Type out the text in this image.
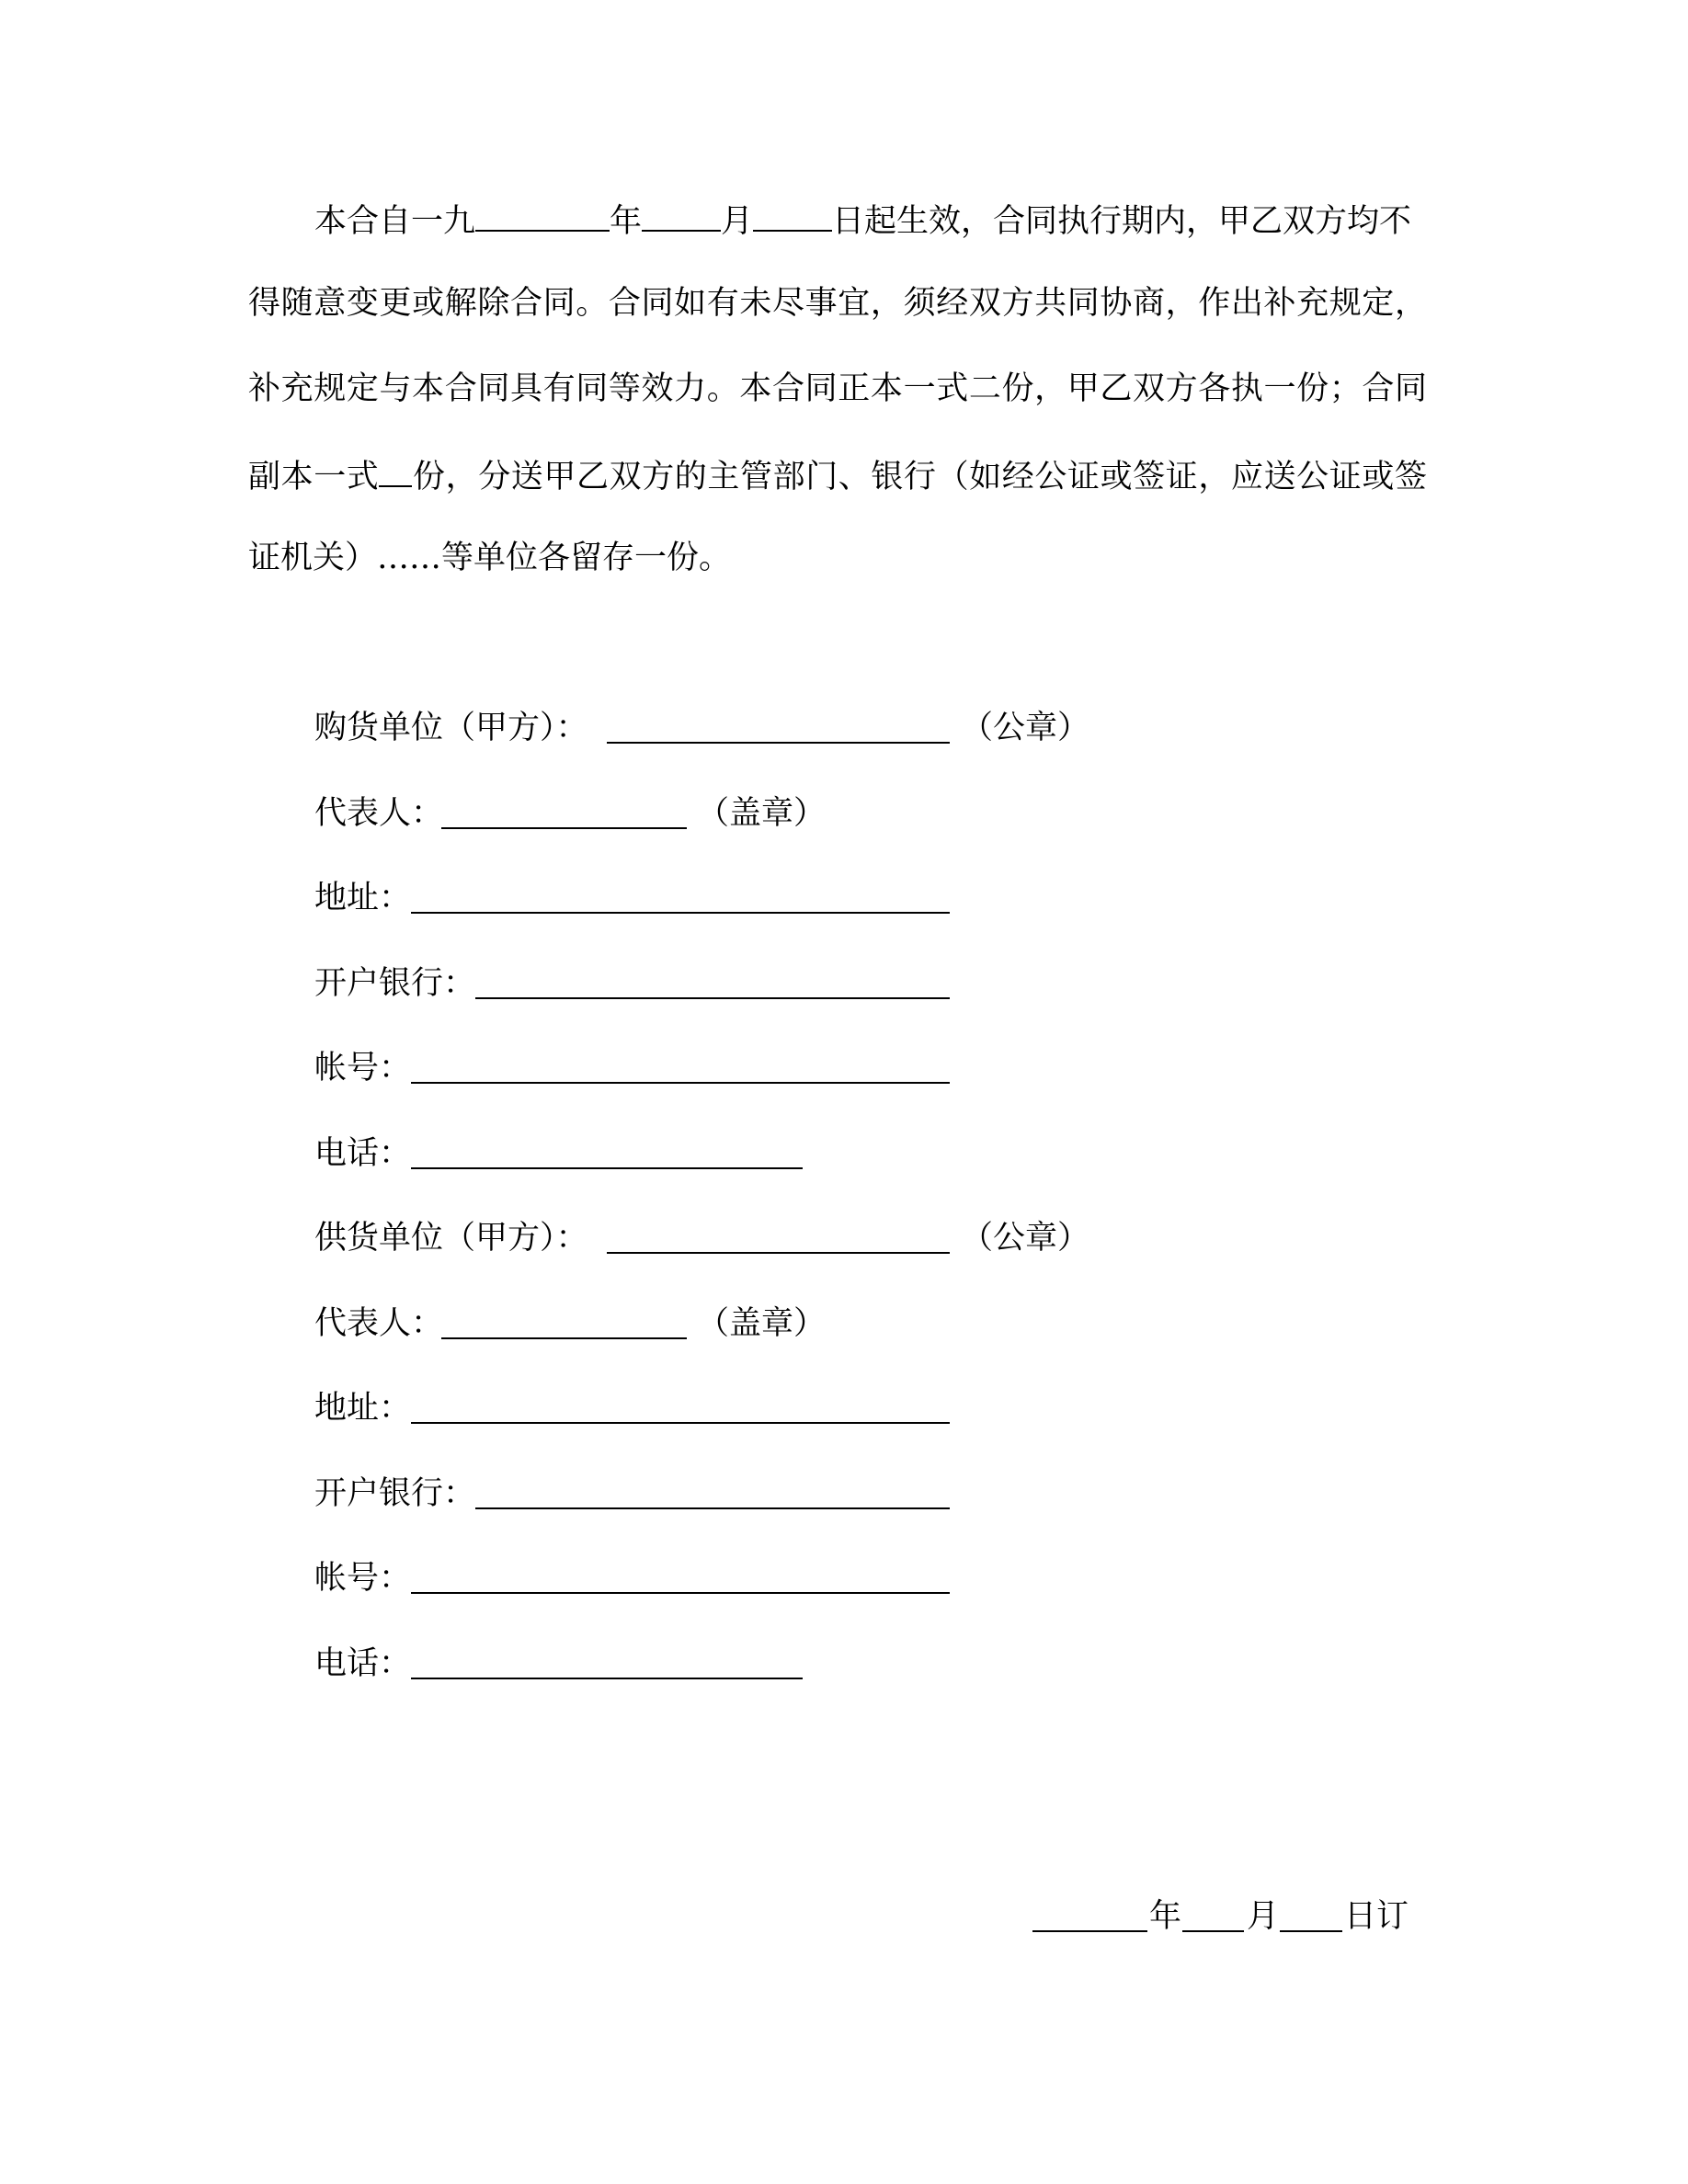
本合自一九	年 月 日起生效，合同执行期内，甲乙双方均不
得随意变更或解除合同。合同如有未尽事宜，须经双方共同协商，作出补充规定，
补充规定与本合同具有同等效力。本合同正本一式二份，甲乙双方各执一份；合同
副本一式 份，分送甲乙双方的主管部门、银行（如经公证或签证，应送公证或签
证机关）……等单位各留存一份。
购货单位（甲方）：	（公章）
代表人：	（盖章）
地址：
开户银行：
帐号：
电话：
供货单位（甲方）：	（公章）
代表人：	（盖章）
地址：
开户银行：
帐号：
电话：
年 月 日订
